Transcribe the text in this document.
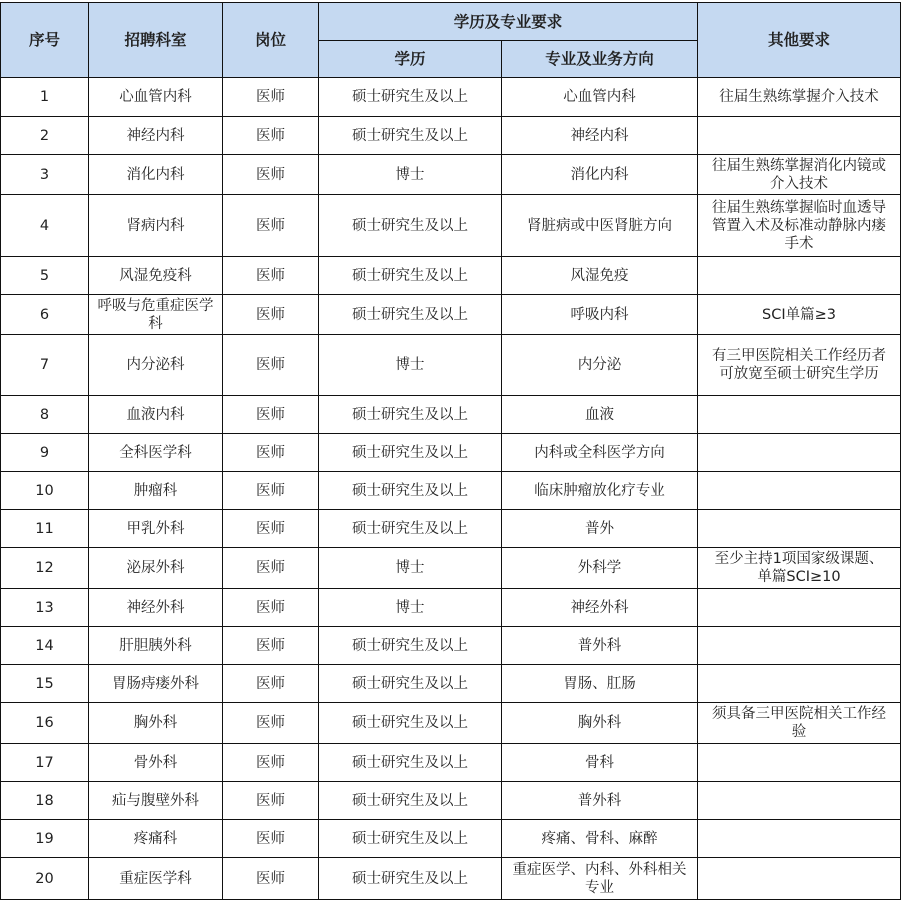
序号	招聘科室	岗位	学历及专业要求		其他要求
			学历	专业及业务方向	
1	心血管内科	医师	硕士研究生及以上	心血管内科	往届生熟练掌握介入技术
2	神经内科	医师	硕士研究生及以上	神经内科	
3	消化内科	医师	博士	消化内科	往届生熟练掌握消化内镜或介入技术
4	肾病内科	医师	硕士研究生及以上	肾脏病或中医肾脏方向	往届生熟练掌握临时血透导管置入术及标准动静脉内瘘手术
5	风湿免疫科	医师	硕士研究生及以上	风湿免疫	
6	呼吸与危重症医学科	医师	硕士研究生及以上	呼吸内科	SCI单篇≥3
7	内分泌科	医师	博士	内分泌	有三甲医院相关工作经历者可放宽至硕士研究生学历
8	血液内科	医师	硕士研究生及以上	血液	
9	全科医学科	医师	硕士研究生及以上	内科或全科医学方向	
10	肿瘤科	医师	硕士研究生及以上	临床肿瘤放化疗专业	
11	甲乳外科	医师	硕士研究生及以上	普外	
12	泌尿外科	医师	博士	外科学	至少主持1项国家级课题、单篇SCI≥10
13	神经外科	医师	博士	神经外科	
14	肝胆胰外科	医师	硕士研究生及以上	普外科	
15	胃肠痔瘘外科	医师	硕士研究生及以上	胃肠、肛肠	
16	胸外科	医师	硕士研究生及以上	胸外科	须具备三甲医院相关工作经验
17	骨外科	医师	硕士研究生及以上	骨科	
18	疝与腹壁外科	医师	硕士研究生及以上	普外科	
19	疼痛科	医师	硕士研究生及以上	疼痛、骨科、麻醉	
20	重症医学科	医师	硕士研究生及以上	重症医学、内科、外科相关专业	
